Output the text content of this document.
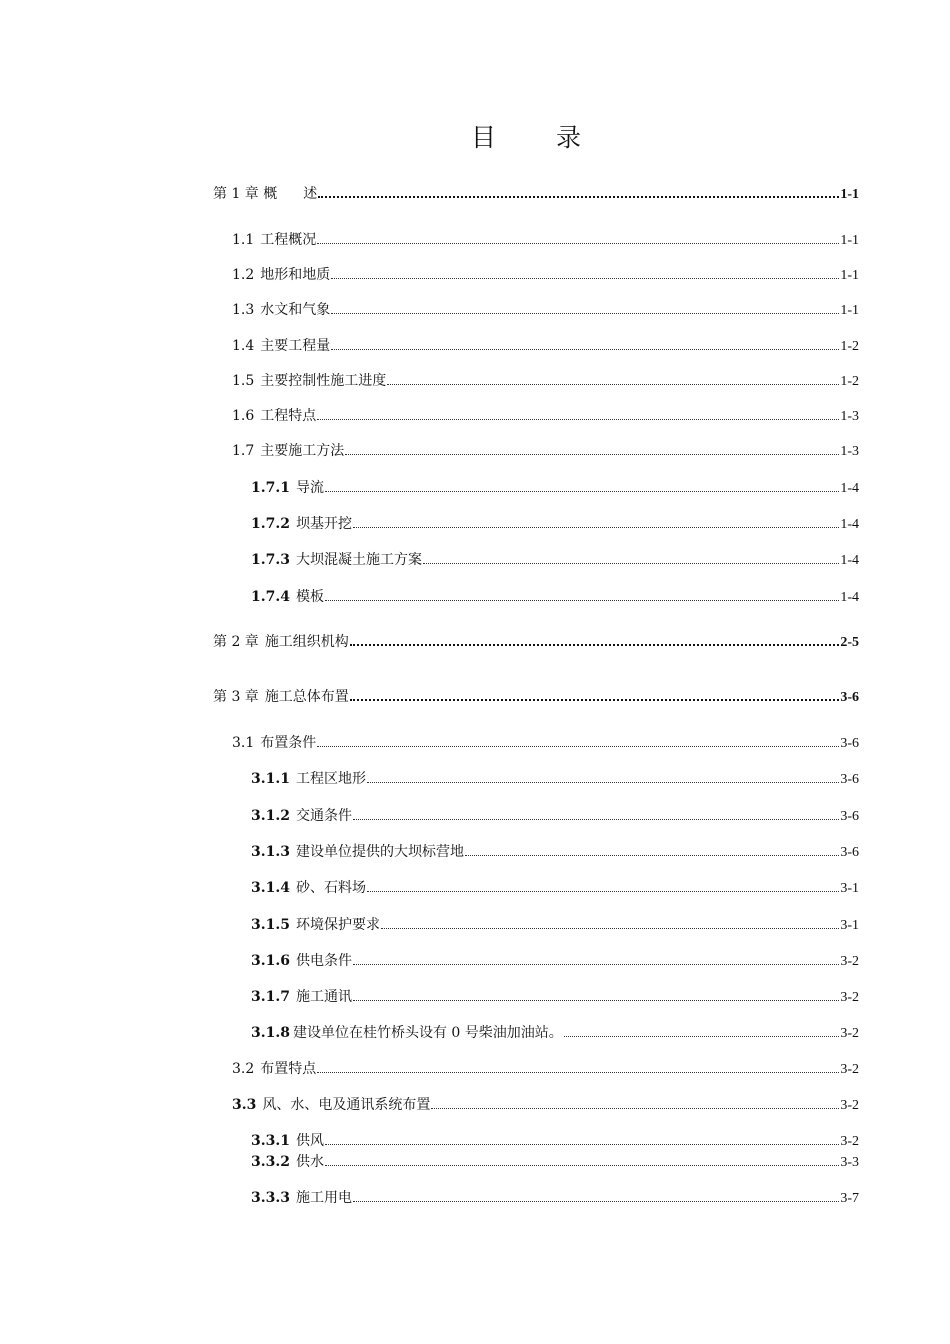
目 录
第 1 章 概 述	1-1
1.1 工程概况	1-1
1.2 地形和地质	1-1
1.3 水文和气象	1-1
1.4 主要工程量	1-2
1.5 主要控制性施工进度	1-2
1.6 工程特点	1-3
1.7 主要施工方法	1-3
1.7.1 导流	1-4
1.7.2 坝基开挖	1-4
1.7.3 大坝混凝土施工方案	1-4
1.7.4 模板	1-4
第 2 章 施工组织机构	2-5
第 3 章 施工总体布置	3-6
3.1 布置条件	3-6
3.1.1 工程区地形	3-6
3.1.2 交通条件	3-6
3.1.3 建设单位提供的大坝标营地	3-6
3.1.4 砂、石料场	3-1
3.1.5 环境保护要求	3-1
3.1.6 供电条件	3-2
3.1.7 施工通讯	3-2
3.1.8 建设单位在桂竹桥头设有 0 号柴油加油站。	3-2
3.2 布置特点	3-2
3.3 风、水、电及通讯系统布置	3-2
3.3.1 供风	3-2
3.3.2 供水	3-3
3.3.3 施工用电	3-7
